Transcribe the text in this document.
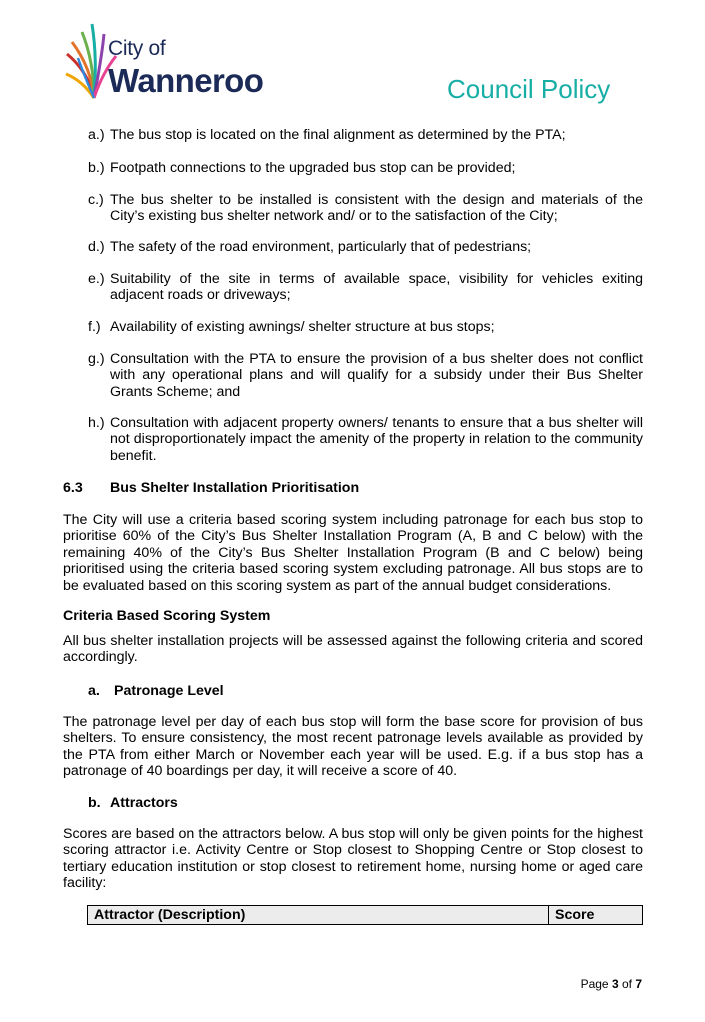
City of
Wanneroo	Council Policy
a.) The bus stop is located on the final alignment as determined by the PTA;
b.) Footpath connections to the upgraded bus stop can be provided;
c.) The bus shelter to be installed is consistent with the design and materials of the City’s existing bus shelter network and/ or to the satisfaction of the City;
d.) The safety of the road environment, particularly that of pedestrians;
e.) Suitability of the site in terms of available space, visibility for vehicles exiting adjacent roads or driveways;
f.) Availability of existing awnings/ shelter structure at bus stops;
g.) Consultation with the PTA to ensure the provision of a bus shelter does not conflict with any operational plans and will qualify for a subsidy under their Bus Shelter Grants Scheme; and
h.) Consultation with adjacent property owners/ tenants to ensure that a bus shelter will not disproportionately impact the amenity of the property in relation to the community benefit.
6.3 Bus Shelter Installation Prioritisation
The City will use a criteria based scoring system including patronage for each bus stop to prioritise 60% of the City’s Bus Shelter Installation Program (A, B and C below) with the remaining 40% of the City’s Bus Shelter Installation Program (B and C below) being prioritised using the criteria based scoring system excluding patronage. All bus stops are to be evaluated based on this scoring system as part of the annual budget considerations.
Criteria Based Scoring System
All bus shelter installation projects will be assessed against the following criteria and scored accordingly.
a. Patronage Level
The patronage level per day of each bus stop will form the base score for provision of bus shelters. To ensure consistency, the most recent patronage levels available as provided by the PTA from either March or November each year will be used. E.g. if a bus stop has a patronage of 40 boardings per day, it will receive a score of 40.
b. Attractors
Scores are based on the attractors below. A bus stop will only be given points for the highest scoring attractor i.e. Activity Centre or Stop closest to Shopping Centre or Stop closest to tertiary education institution or stop closest to retirement home, nursing home or aged care facility:
Attractor (Description)	Score
Page 3 of 7
